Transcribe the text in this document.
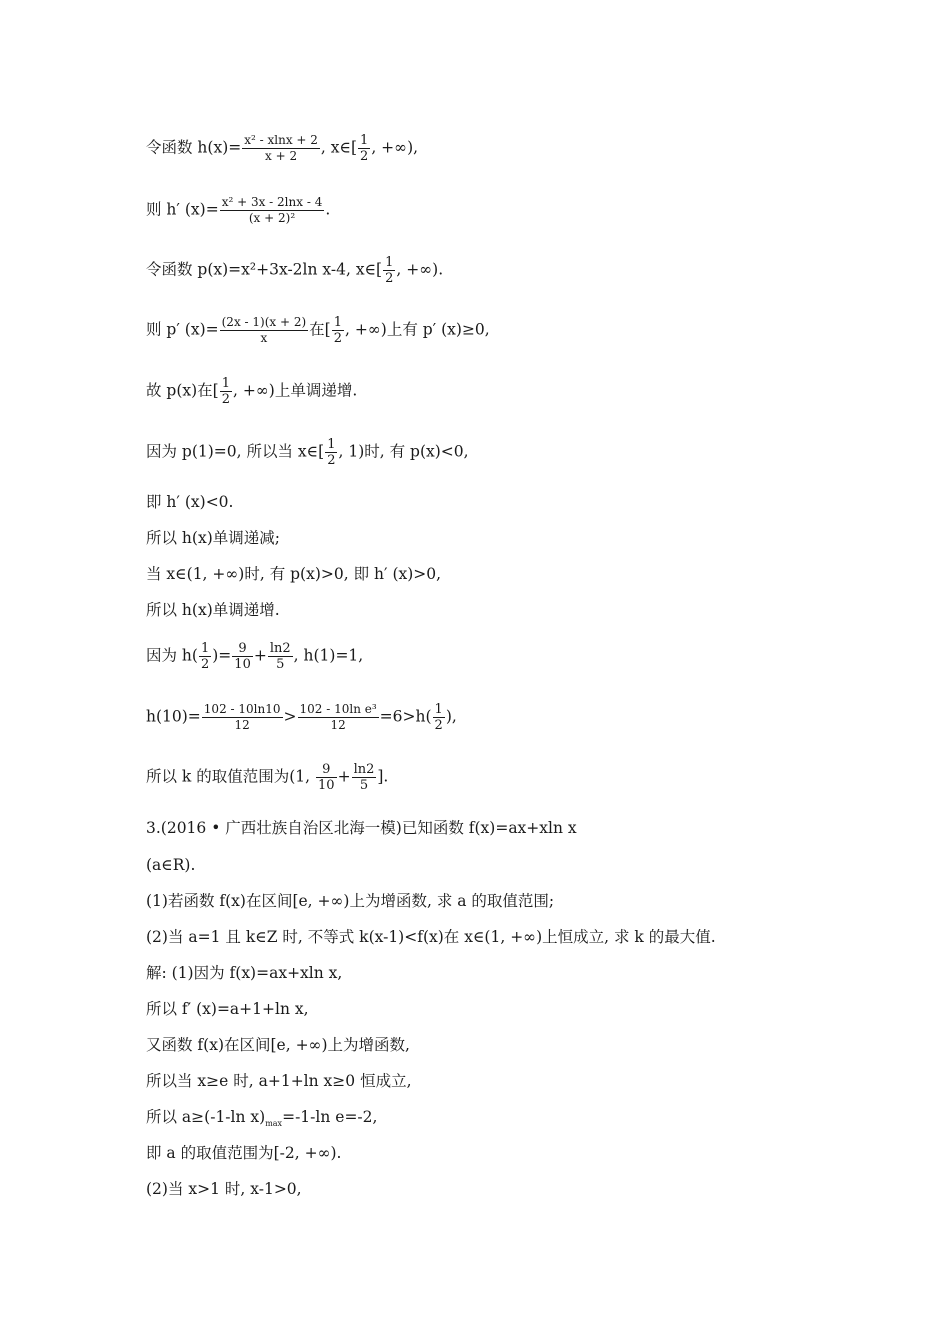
令函数 $h(x)= \frac{\text{x² - xlnx + 2}}{x + 2}$ , x∈[ $\frac{1}{2}$ , +∞),
则 h′ $(x)= \frac{\text{x² + 3x - 2lnx - 4}}{\text{(x + 2)²}}$ .
令函数 p(x)=x²+3x-2ln x-4, x∈[ $\frac{1}{2}$ , +∞).
则 p′ $(x)= \frac{(2x - 1)(x + 2)}{x}$ 在[ $\frac{1}{2}$ , +∞)上有 p′ (x)≥0,
故 p(x)在[ $\frac{1}{2}$ , +∞)上单调递增.
因为 p(1)=0, 所以当 x∈[ $\frac{1}{2}$ , 1)时, 有 p(x)<0,
即 h′ (x)<0.
所以 h(x)单调递减;
当 x∈(1, +∞)时, 有 p(x)>0, 即 h′ (x)>0,
所以 h(x)单调递增.
因为 $h( \frac{1}{2}$ )= $\frac{9}{10} + \frac{\ln 2}{5}$ , h(1)=1,
$h(10)= \frac{102 - 10\ln 10}{12} > \frac{\text{102 - 10ln e³}}{12} =6>h( \frac{1}{2}$ ),
所以 k 的取值范围为(1, $\frac{9}{10} + \frac{\ln 2}{5}$ ].
3.(2016 • 广西壮族自治区北海一模)已知函数 f(x)=ax+xln x
(a∈R).
(1)若函数 f(x)在区间[e, +∞)上为增函数, 求 a 的取值范围;
(2)当 a=1 且 k∈Z 时, 不等式 k(x-1)<f(x)在 x∈(1, +∞)上恒成立, 求 k 的最大值.
解: (1)因为 f(x)=ax+xln x,
所以 f′ (x)=a+1+ln x,
又函数 f(x)在区间[e, +∞)上为增函数,
所以当 x≥e 时, a+1+ln x≥0 恒成立,
所以 a≥(-1-ln $x)_{max}=-1-\ln$ e=-2,
即 a 的取值范围为[-2, +∞).
(2)当 x>1 时, x-1>0,
